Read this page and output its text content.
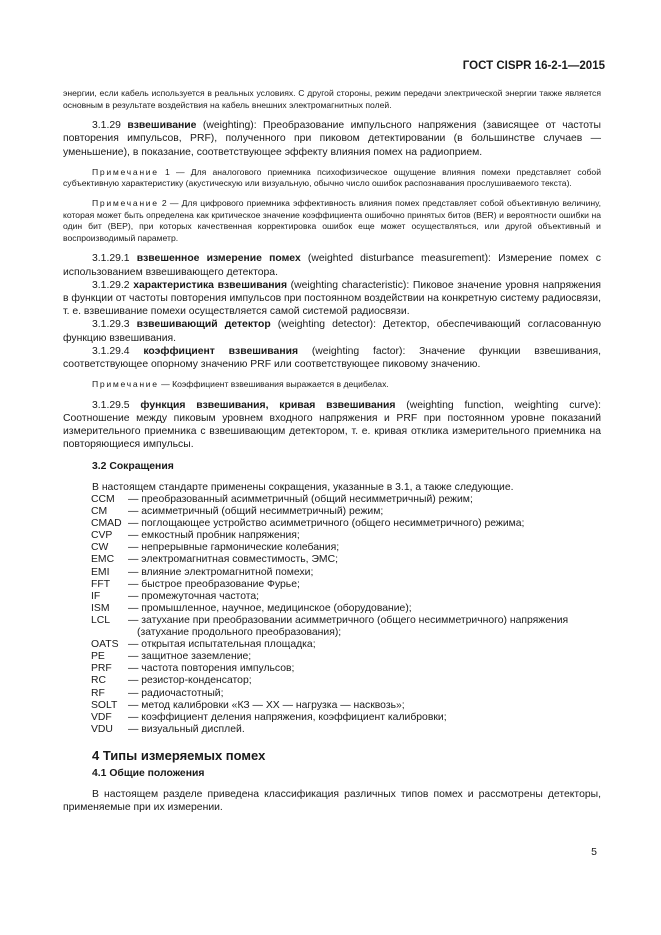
ГОСТ CISPR 16-2-1—2015

энергии, если кабель используется в реальных условиях. С другой стороны, режим передачи электрической энергии также является основным в результате воздействия на кабель внешних электромагнитных полей.

3.1.29 взвешивание (weighting): Преобразование импульсного напряжения (зависящее от частоты повторения импульсов, PRF), полученного при пиковом детектировании (в большинстве случаев — уменьшение), в показание, соответствующее эффекту влияния помех на радиоприем.

Примечание 1 — Для аналогового приемника психофизическое ощущение влияния помехи представляет собой субъективную характеристику (акустическую или визуальную, обычно число ошибок распознавания прослушиваемого текста).

Примечание 2 — Для цифрового приемника эффективность влияния помех представляет собой объективную величину, которая может быть определена как критическое значение коэффициента ошибочно принятых битов (BER) и вероятности ошибки на один бит (BEP), при которых качественная корректировка ошибок еще может осуществляться, или другой объективный и воспроизводимый параметр.

3.1.29.1 взвешенное измерение помех (weighted disturbance measurement): Измерение помех с использованием взвешивающего детектора.

3.1.29.2 характеристика взвешивания (weighting characteristic): Пиковое значение уровня напряжения в функции от частоты повторения импульсов при постоянном воздействии на конкретную систему радиосвязи, т. е. взвешивание помехи осуществляется самой системой радиосвязи.

3.1.29.3 взвешивающий детектор (weighting detector): Детектор, обеспечивающий согласованную функцию взвешивания.

3.1.29.4 коэффициент взвешивания (weighting factor): Значение функции взвешивания, соответствующее опорному значению PRF или соответствующее пиковому значению.

Примечание — Коэффициент взвешивания выражается в децибелах.

3.1.29.5 функция взвешивания, кривая взвешивания (weighting function, weighting curve): Соотношение между пиковым уровнем входного напряжения и PRF при постоянном уровне показаний измерительного приемника с взвешивающим детектором, т. е. кривая отклика измерительного приемника на повторяющиеся импульсы.

3.2 Сокращения

В настоящем стандарте применены сокращения, указанные в 3.1, а также следующие.

CCM	— преобразованный асимметричный (общий несимметричный) режим;
CM	— асимметричный (общий несимметричный) режим;
CMAD	— поглощающее устройство асимметричного (общего несимметричного) режима;
CVP	— емкостный пробник напряжения;
CW	— непрерывные гармонические колебания;
EMC	— электромагнитная совместимость, ЭМС;
EMI	— влияние электромагнитной помехи;
FFT	— быстрое преобразование Фурье;
IF	— промежуточная частота;
ISM	— промышленное, научное, медицинское (оборудование);
LCL	— затухание при преобразовании асимметричного (общего несимметричного) напряжения
	(затухание продольного преобразования);
OATS	— открытая испытательная площадка;
PE	— защитное заземление;
PRF	— частота повторения импульсов;
RC	— резистор-конденсатор;
RF	— радиочастотный;
SOLT	— метод калибровки «КЗ — XX — нагрузка — насквозь»;
VDF	— коэффициент деления напряжения, коэффициент калибровки;
VDU	— визуальный дисплей.
4 Типы измеряемых помех
4.1 Общие положения

В настоящем разделе приведена классификация различных типов помех и рассмотрены детекторы, применяемые при их измерении.

5
